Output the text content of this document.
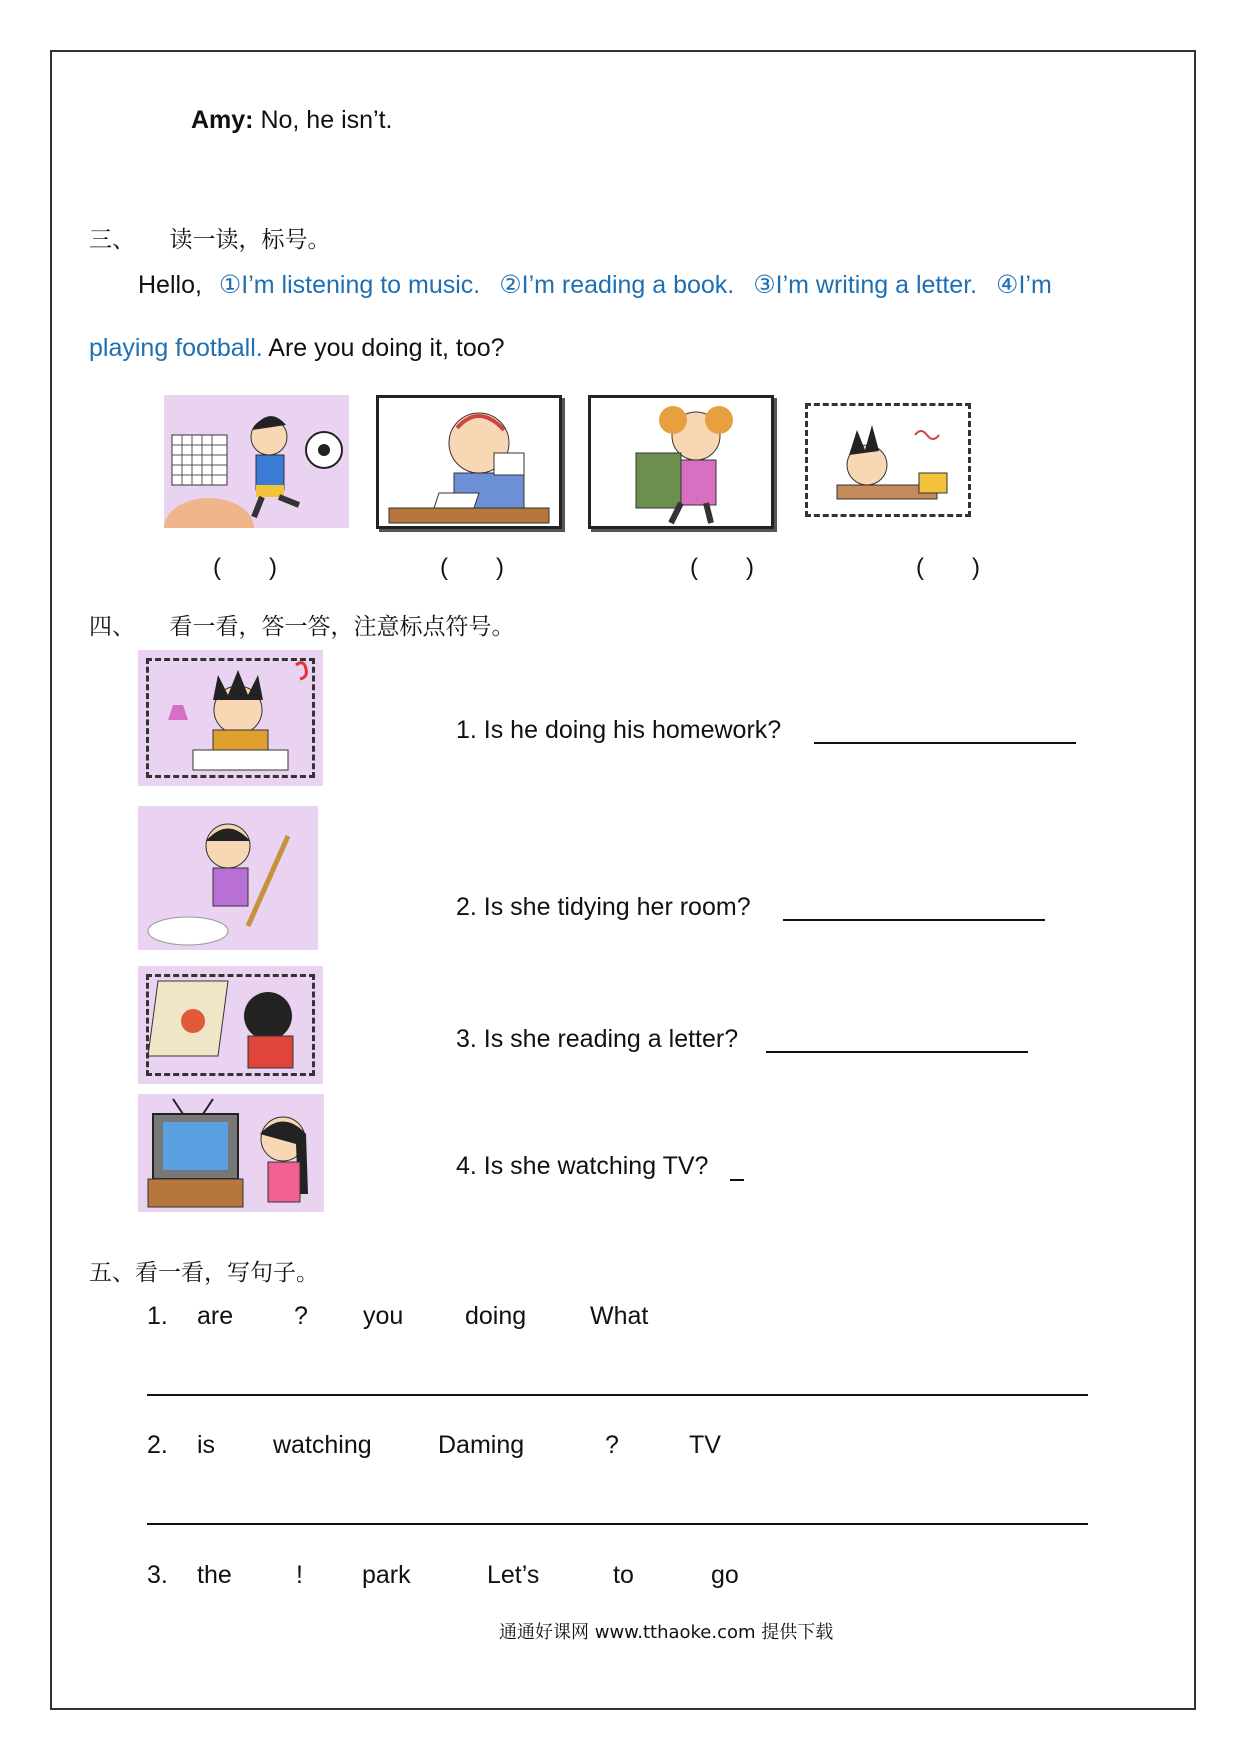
Amy: No, he isn’t.
三、　　读一读，标号。
Hello, ①I’m listening to music. ②I’m reading a book. ③I’m writing a letter. ④I’m
playing football. Are you doing it, too?
(　　)	(　　)	(　　)	(　　)
四、　　看一看，答一答，注意标点符号。
1. Is he doing his homework?
2. Is she tidying her room?
3. Is she reading a letter?
4. Is she watching TV?
五、看一看，写句子。
1. are ? you doing	What
2. is watching	Daming	?	TV
3. the	! park	Let’s	to	go
通通好课网 www.tthaoke.com 提供下载
